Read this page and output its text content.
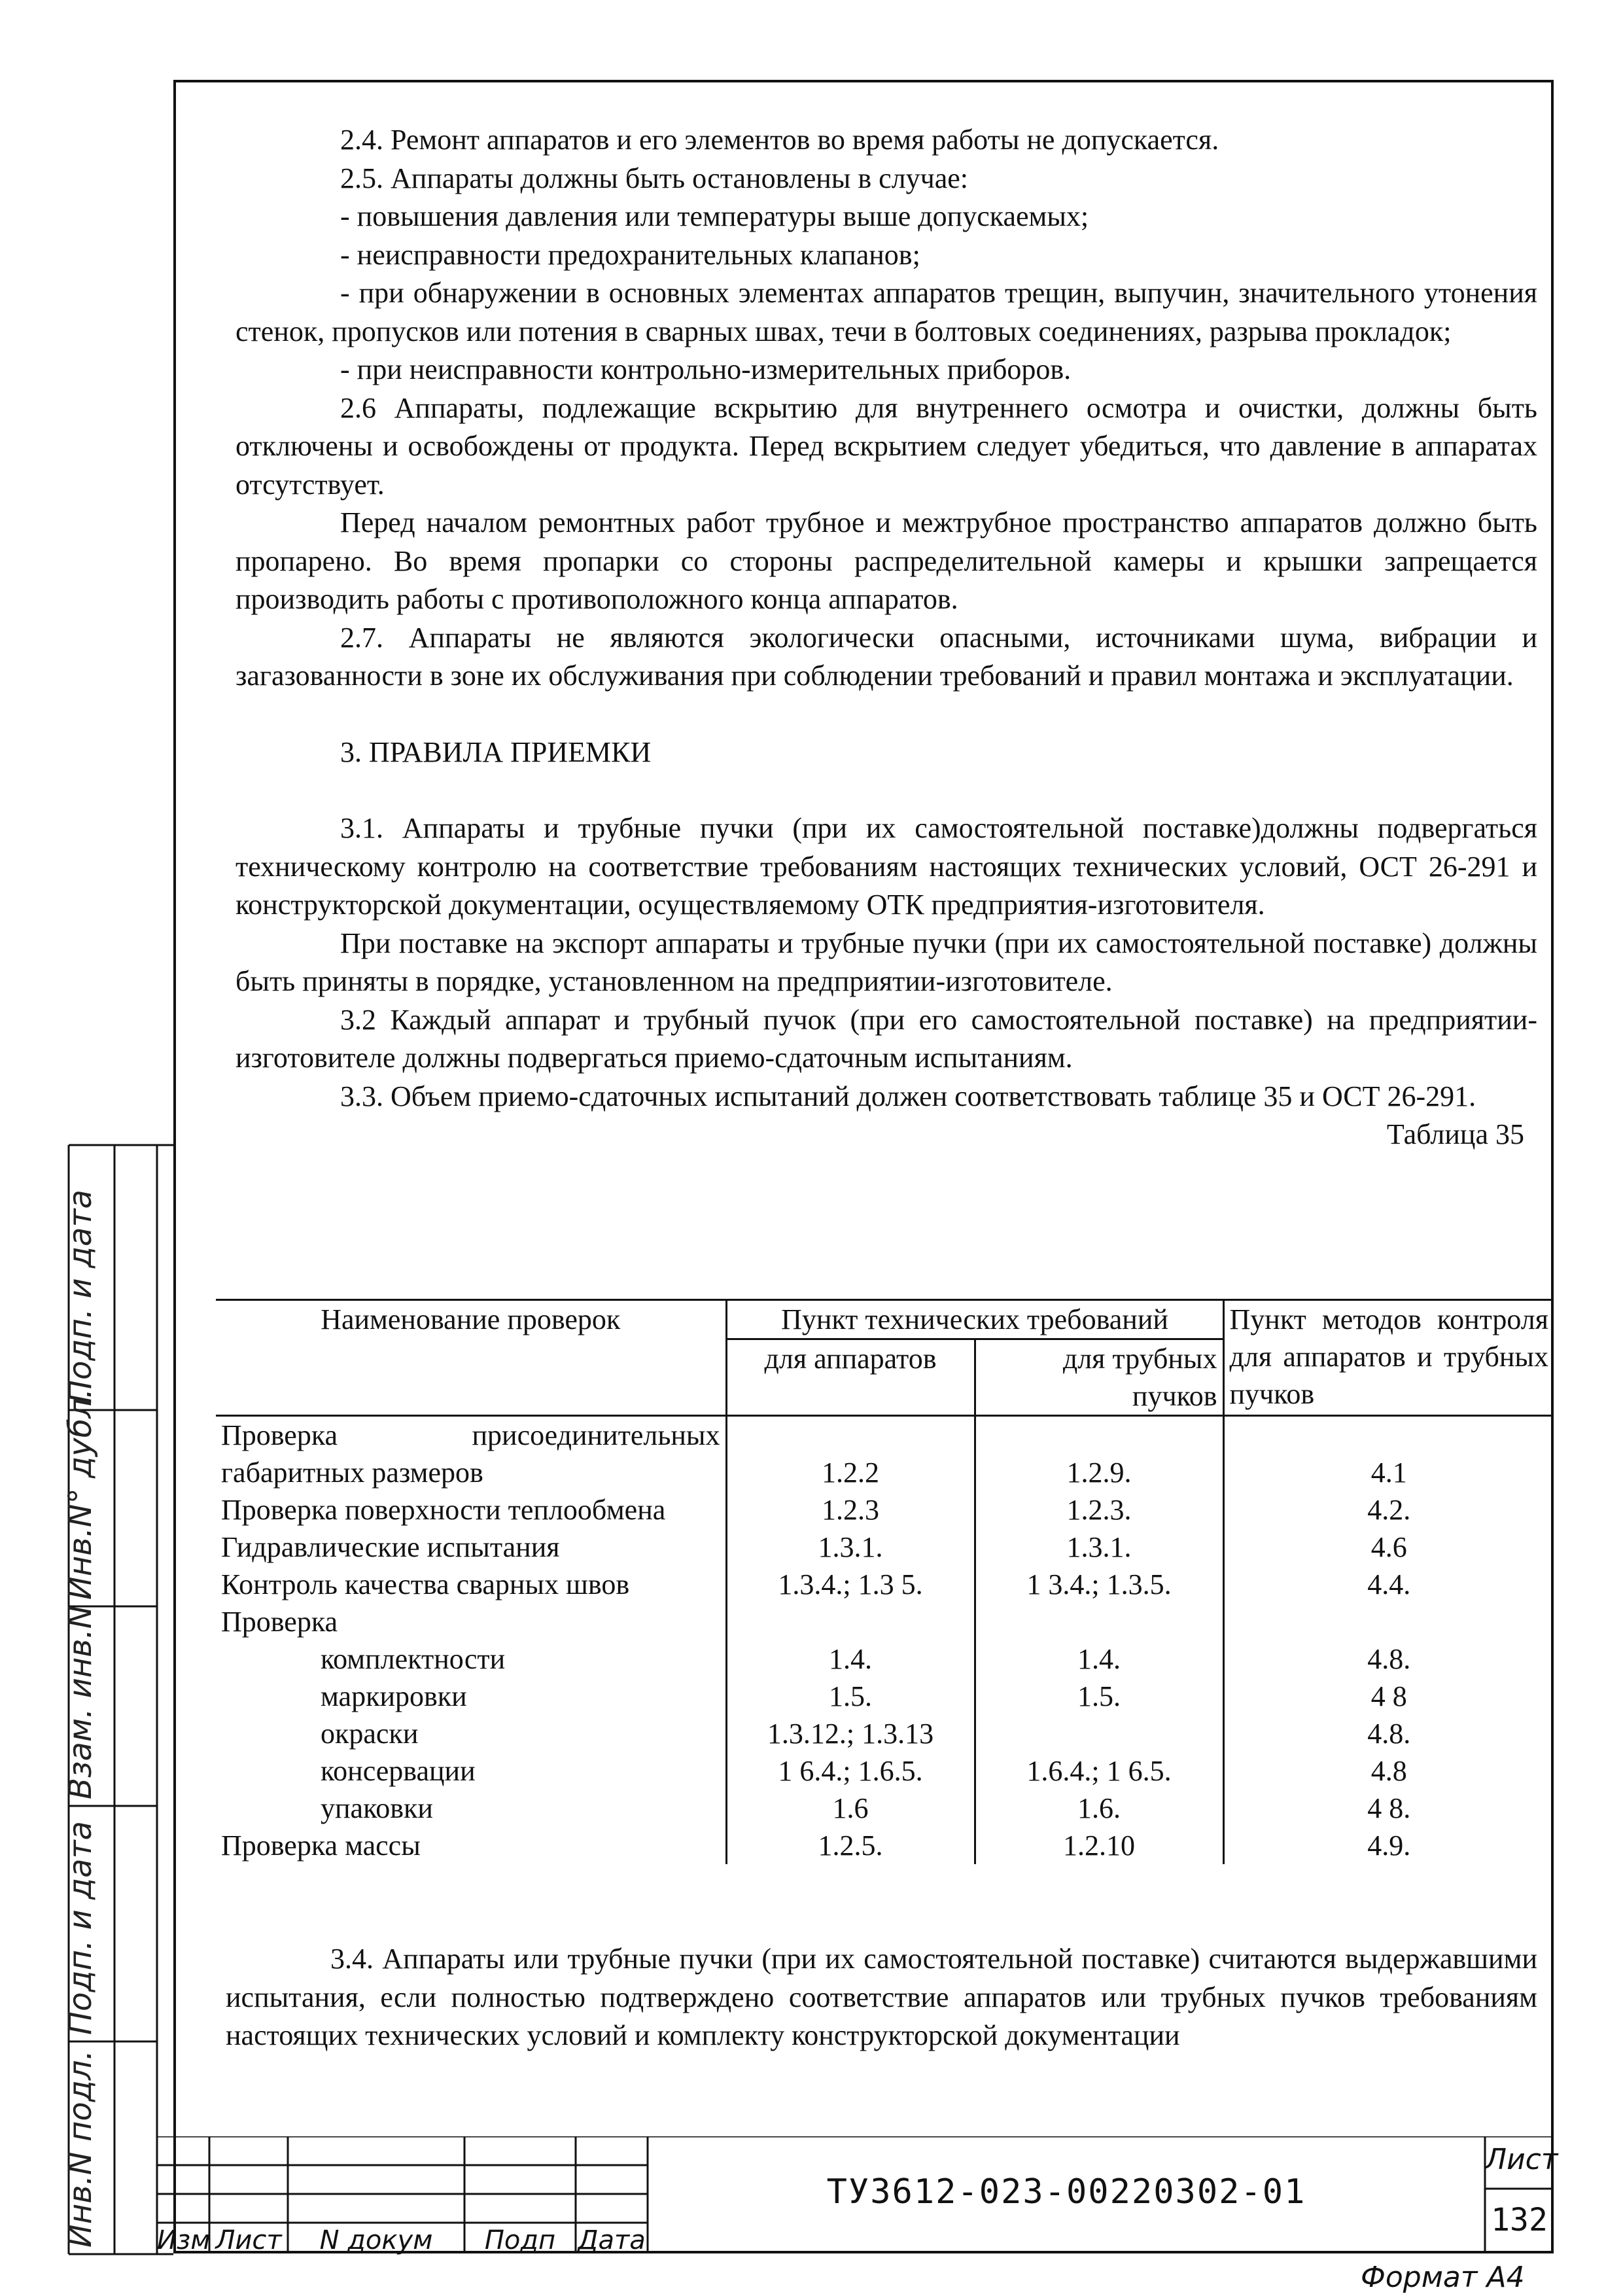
2.4. Ремонт аппаратов и его элементов во время работы не допускается.

2.5. Аппараты должны быть остановлены в случае:

- повышения давления или температуры выше допускаемых;

- неисправности предохранительных клапанов;

- при обнаружении в основных элементах аппаратов трещин, выпучин, значительного утонения стенок, пропусков или потения в сварных швах, течи в болтовых соединениях, разрыва прокладок;

- при неисправности контрольно-измерительных приборов.

2.6 Аппараты, подлежащие вскрытию для внутреннего осмотра и очистки, должны быть отключены и освобождены от продукта. Перед вскрытием следует убедиться, что давление в аппаратах отсутствует.

Перед началом ремонтных работ трубное и межтрубное пространство аппаратов должно быть пропарено. Во время пропарки со стороны распределительной камеры и крышки запрещается производить работы с противоположного конца аппаратов.

2.7. Аппараты не являются экологически опасными, источниками шума, вибрации и загазованности в зоне их обслуживания при соблюдении требований и правил монтажа и эксплуатации.

3. ПРАВИЛА ПРИЕМКИ

3.1. Аппараты и трубные пучки (при их самостоятельной поставке)должны подвергаться техническому контролю на соответствие требованиям настоящих технических условий, ОСТ 26-291 и конструкторской документации, осуществляемому ОТК предприятия-изготовителя.

При поставке на экспорт аппараты и трубные пучки (при их самостоятельной поставке) должны быть приняты в порядке, установленном на предприятии-изготовителе.

3.2 Каждый аппарат и трубный пучок (при его самостоятельной поставке) на предприятии-изготовителе должны подвергаться приемо-сдаточным испытаниям.

3.3. Объем приемо-сдаточных испытаний должен соответствовать таблице 35 и ОСТ 26-291.

Таблица 35

Наименование проверок	Пункт технических требований		Пункт методов контроля для аппаратов и трубных пучков
	для аппаратов	для трубных пучков	
Проверка присоединительных габаритных размеров	1.2.2	1.2.9.	4.1
Проверка поверхности теплообмена	1.2.3	1.2.3.	4.2.
Гидравлические испытания	1.3.1.	1.3.1.	4.6
Контроль качества сварных швов	1.3.4.; 1.3 5.	1 3.4.; 1.3.5.	4.4.
Проверка			
комплектности	1.4.	1.4.	4.8.
маркировки	1.5.	1.5.	4 8
окраски	1.3.12.; 1.3.13		4.8.
консервации	1 6.4.; 1.6.5.	1.6.4.; 1 6.5.	4.8
упаковки	1.6	1.6.	4 8.
Проверка массы	1.2.5.	1.2.10	4.9.
3.4. Аппараты или трубные пучки (при их самостоятельной поставке) считаются выдержавшими испытания, если полностью подтверждено соответствие аппаратов или трубных пучков требованиям настоящих технических условий и комплекту конструкторской документации
Подп. и дата
Инв.N° дубл.
Взам. инв.N
Подп. и дата
Инв.N подл.	Изм Лист	N докум	Подп Дата
ТУ3612-023-00220302-01
Лист
132
Формат А4
